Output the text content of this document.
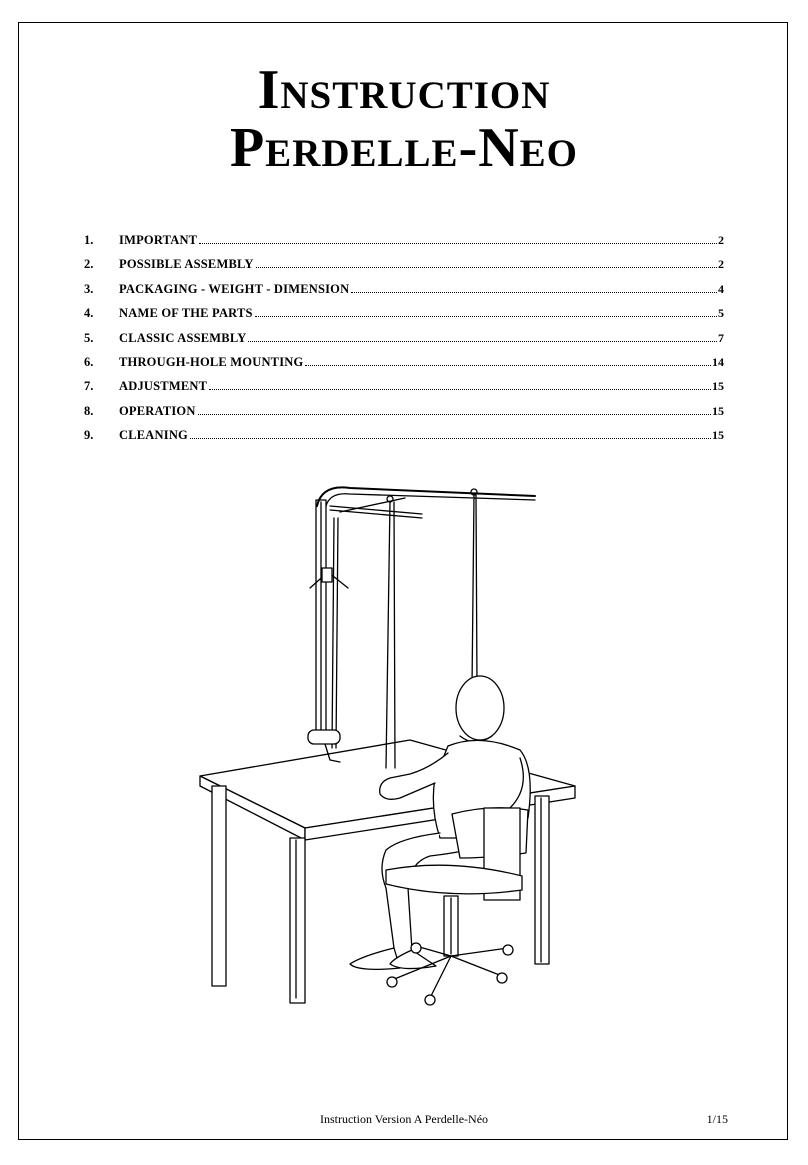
Instruction
Perdelle-Neo
1.	IMPORTANT	2
2.	POSSIBLE ASSEMBLY	2
3.	PACKAGING - WEIGHT - DIMENSION	4
4.	NAME OF THE PARTS	5
5.	CLASSIC ASSEMBLY	7
6.	THROUGH-HOLE MOUNTING	14
7.	ADJUSTMENT	15
8.	OPERATION	15
9.	CLEANING	15
Instruction Version A Perdelle-Néo	1/15
